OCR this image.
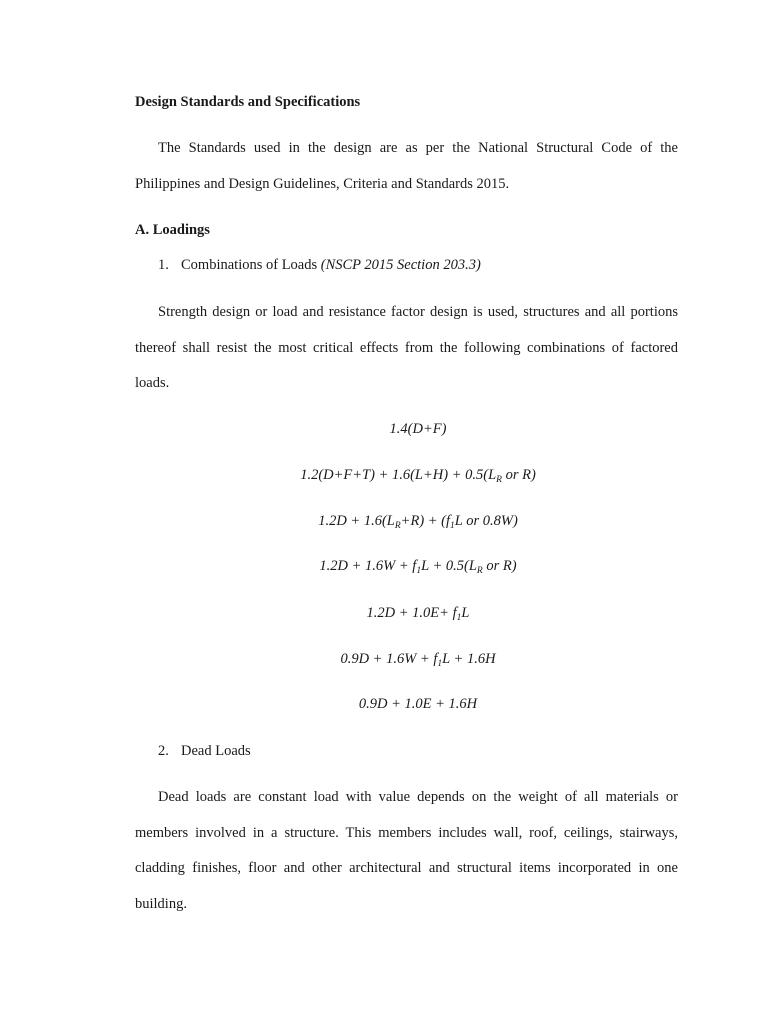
Design Standards and Specifications
The Standards used in the design are as per the National Structural Code of the
Philippines and Design Guidelines, Criteria and Standards 2015.
A. Loadings
1. Combinations of Loads (NSCP 2015 Section 203.3)
Strength design or load and resistance factor design is used, structures and all portions
thereof shall resist the most critical effects from the following combinations of factored
loads.
1.4(D+F)
$1.2(D+F+T) + 1.6(L+H) + 0.5(L_R$ or R)
$1.2D + 1.6(L_R+R) + (f_1L$ or 0.8W)
$1.2D + 1.6W + f_1L + 0.5(L_R$ or R)
$1.2D + 1.0E+ f_1L$
$0.9D + 1.6W + f_1L + 1.6H$
0.9D + 1.0E + 1.6H
2. Dead Loads
Dead loads are constant load with value depends on the weight of all materials or
members involved in a structure. This members includes wall, roof, ceilings, stairways,
cladding finishes, floor and other architectural and structural items incorporated in one
building.
